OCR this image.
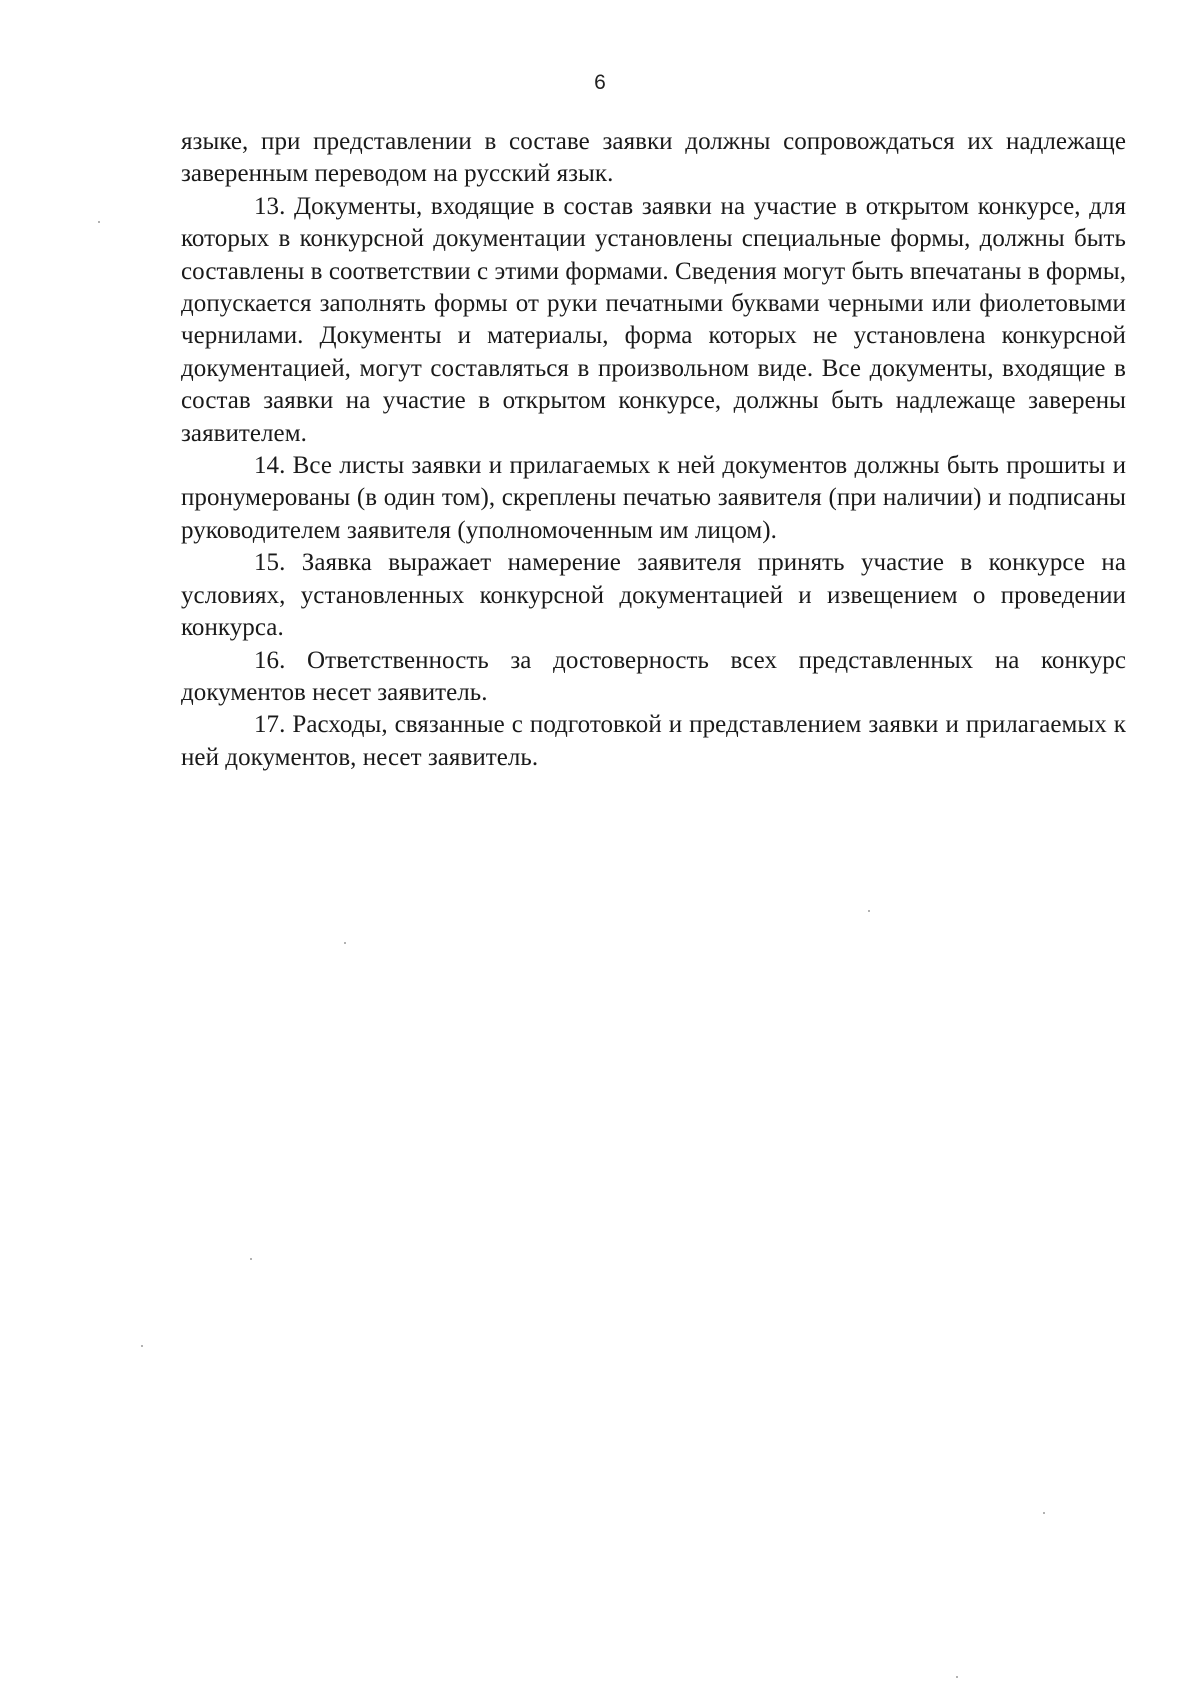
6

языке, при представлении в составе заявки должны сопровождаться их надлежаще заверенным переводом на русский язык.

13. Документы, входящие в состав заявки на участие в открытом конкурсе, для которых в конкурсной документации установлены специальные формы, должны быть составлены в соответствии с этими формами. Сведения могут быть впечатаны в формы, допускается заполнять формы от руки печатными буквами черными или фиолетовыми чернилами. Документы и материалы, форма которых не установлена конкурсной документацией, могут составляться в произвольном виде. Все документы, входящие в состав заявки на участие в открытом конкурсе, должны быть надлежаще заверены заявителем.

14. Все листы заявки и прилагаемых к ней документов должны быть прошиты и пронумерованы (в один том), скреплены печатью заявителя (при наличии) и подписаны руководителем заявителя (уполномоченным им лицом).

15. Заявка выражает намерение заявителя принять участие в конкурсе на условиях, установленных конкурсной документацией и извещением о проведении конкурса.

16. Ответственность за достоверность всех представленных на конкурс документов несет заявитель.

17. Расходы, связанные с подготовкой и представлением заявки и прилагаемых к ней документов, несет заявитель.
